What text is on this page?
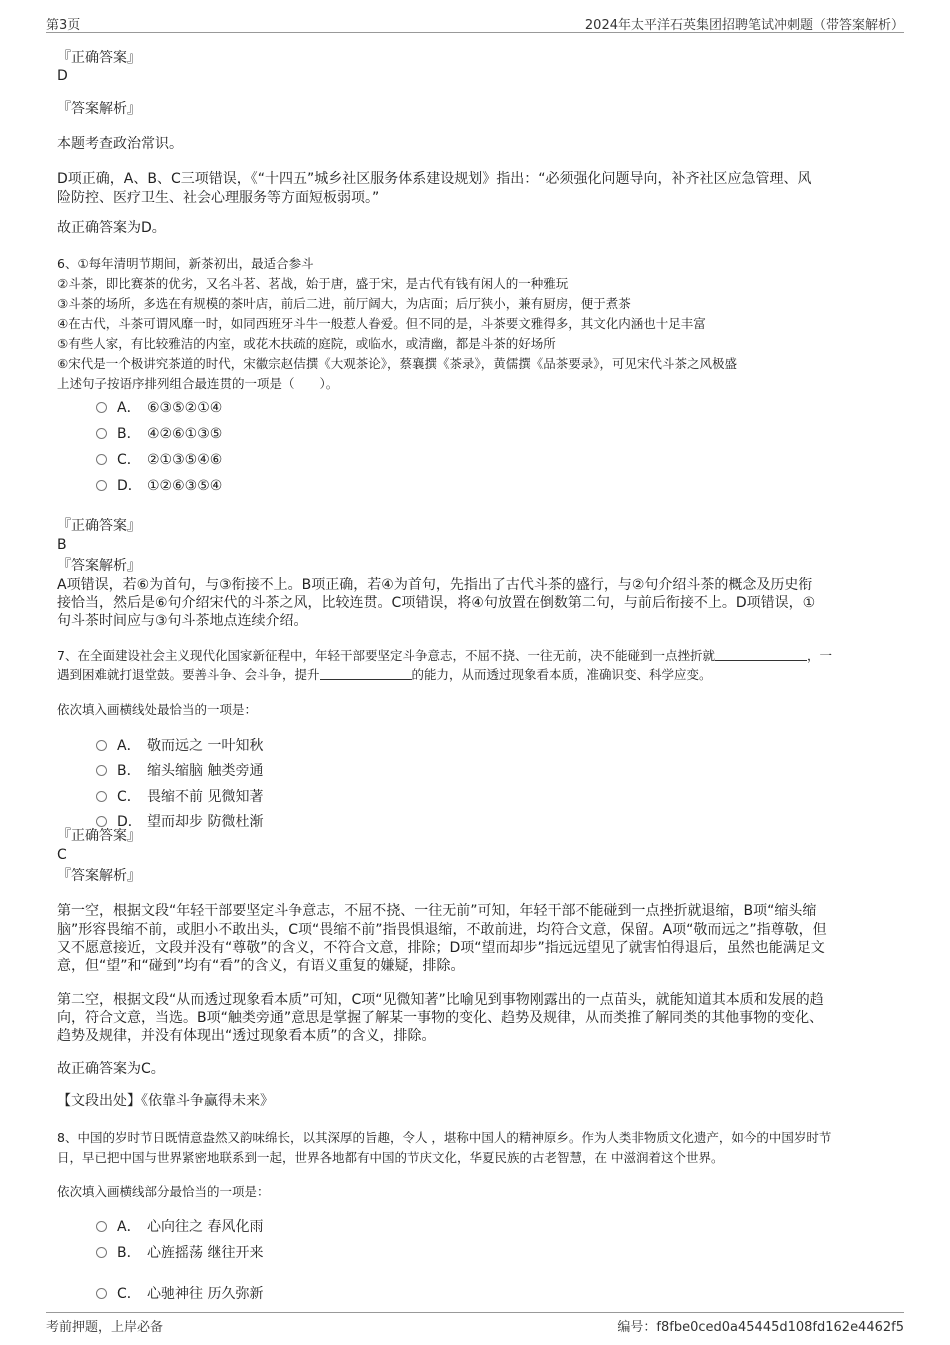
第3页	2024年太平洋石英集团招聘笔试冲刺题（带答案解析）
『正确答案』
D
『答案解析』
本题考查政治常识。
D项正确，A、B、C三项错误，《“十四五”城乡社区服务体系建设规划》指出：“必须强化问题导向，补齐社区应急管理、风
险防控、医疗卫生、社会心理服务等方面短板弱项。”
故正确答案为D。
6、①每年清明节期间，新茶初出，最适合参斗
②斗茶，即比赛茶的优劣，又名斗茗、茗战，始于唐，盛于宋，是古代有钱有闲人的一种雅玩
③斗茶的场所，多选在有规模的茶叶店，前后二进，前厅阔大，为店面；后厅狭小，兼有厨房，便于煮茶
④在古代，斗茶可谓风靡一时，如同西班牙斗牛一般惹人眷爱。但不同的是，斗茶要文雅得多，其文化内涵也十足丰富
⑤有些人家，有比较雅洁的内室，或花木扶疏的庭院，或临水，或清幽，都是斗茶的好场所
⑥宋代是一个极讲究茶道的时代，宋徽宗赵佶撰《大观茶论》，蔡襄撰《茶录》，黄儒撰《品茶要录》，可见宋代斗茶之风极盛
上述句子按语序排列组合最连贯的一项是（　　）。
A． ⑥③⑤②①④
B． ④②⑥①③⑤
C． ②①③⑤④⑥
D． ①②⑥③⑤④
『正确答案』
B
『答案解析』
A项错误，若⑥为首句，与③衔接不上。B项正确，若④为首句，先指出了古代斗茶的盛行，与②句介绍斗茶的概念及历史衔
接恰当，然后是⑥句介绍宋代的斗茶之风，比较连贯。C项错误，将④句放置在倒数第二句，与前后衔接不上。D项错误，①
句斗茶时间应与③句斗茶地点连续介绍。
7、在全面建设社会主义现代化国家新征程中，年轻干部要坚定斗争意志，不屈不挠、一往无前，决不能碰到一点挫折就	，一
遇到困难就打退堂鼓。要善斗争、会斗争，提升	的能力，从而透过现象看本质，准确识变、科学应变。
依次填入画横线处最恰当的一项是：
A． 敬而远之 一叶知秋
B． 缩头缩脑 触类旁通
C． 畏缩不前 见微知著
D． 望而却步 防微杜渐
『正确答案』
C
『答案解析』
第一空，根据文段“年轻干部要坚定斗争意志，不屈不挠、一往无前”可知，年轻干部不能碰到一点挫折就退缩，B项“缩头缩
脑”形容畏缩不前，或胆小不敢出头，C项“畏缩不前”指畏惧退缩，不敢前进，均符合文意，保留。A项“敬而远之”指尊敬，但
又不愿意接近，文段并没有“尊敬”的含义，不符合文意，排除；D项“望而却步”指远远望见了就害怕得退后，虽然也能满足文
意，但“望”和“碰到”均有“看”的含义，有语义重复的嫌疑，排除。
第二空，根据文段“从而透过现象看本质”可知，C项“见微知著”比喻见到事物刚露出的一点苗头，就能知道其本质和发展的趋
向，符合文意，当选。B项“触类旁通”意思是掌握了解某一事物的变化、趋势及规律，从而类推了解同类的其他事物的变化、
趋势及规律，并没有体现出“透过现象看本质”的含义，排除。
故正确答案为C。
【文段出处】《依靠斗争赢得未来》
8、中国的岁时节日既情意盎然又韵味绵长，以其深厚的旨趣，令人 ，堪称中国人的精神原乡。作为人类非物质文化遗产，如今的中国岁时节
日，早已把中国与世界紧密地联系到一起，世界各地都有中国的节庆文化，华夏民族的古老智慧，在 中滋润着这个世界。
依次填入画横线部分最恰当的一项是：
A． 心向往之 春风化雨
B． 心旌摇荡 继往开来
C． 心驰神往 历久弥新
考前押题，上岸必备	编号：f8fbe0ced0a45445d108fd162e4462f5
